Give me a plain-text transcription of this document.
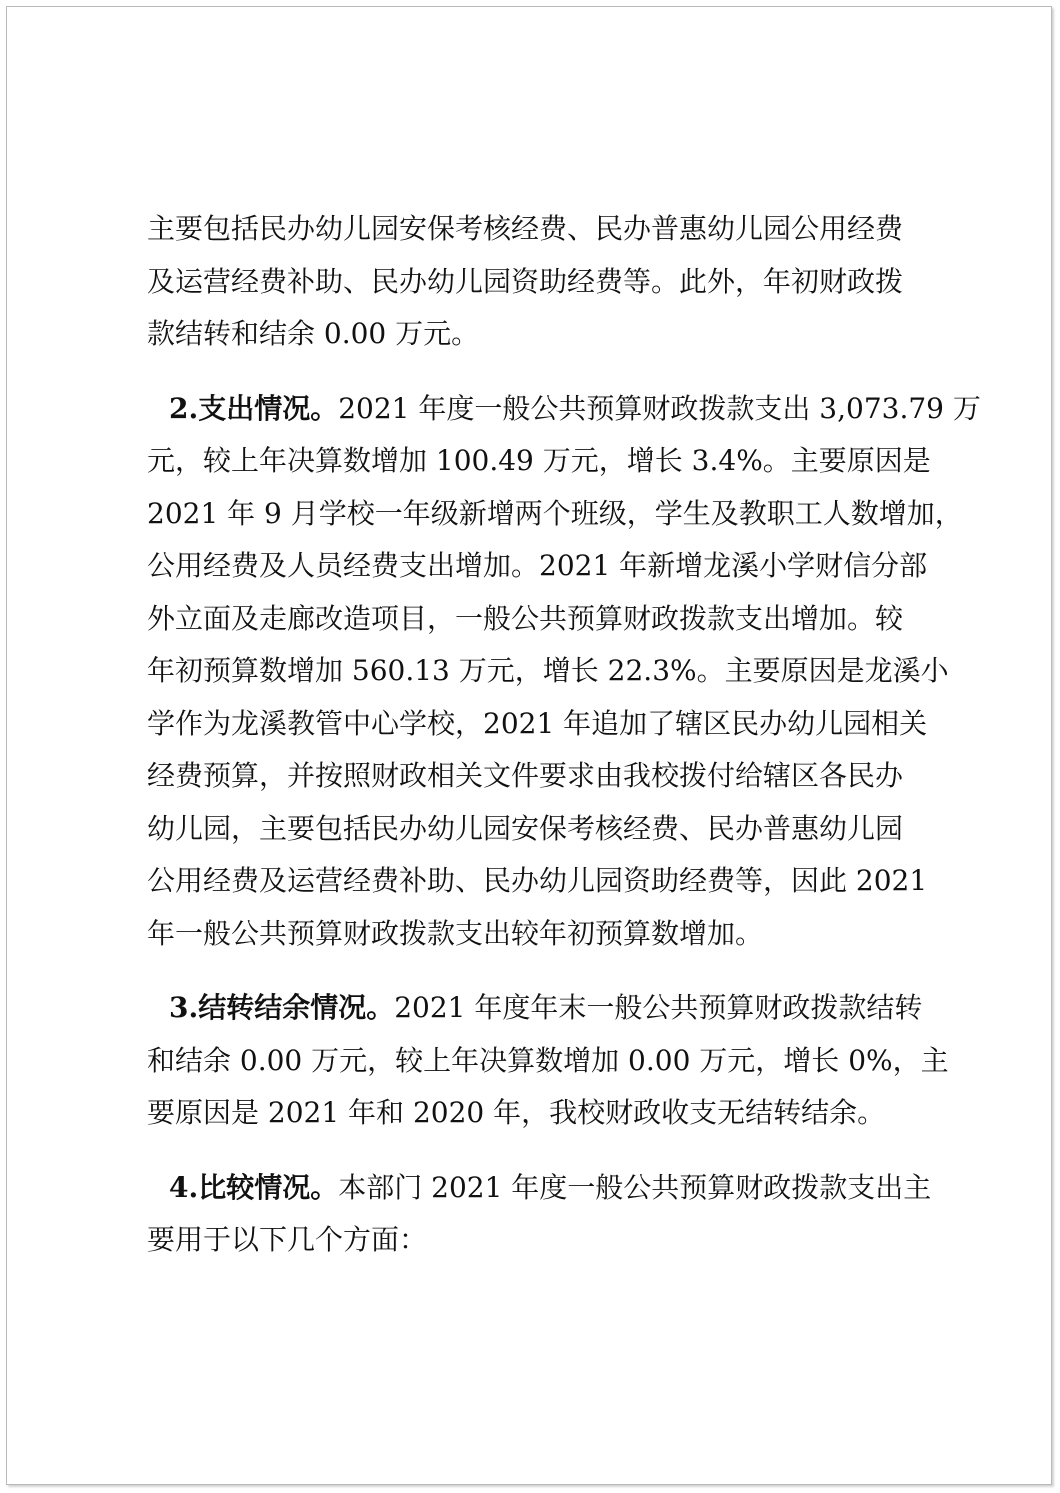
主要包括民办幼儿园安保考核经费、民办普惠幼儿园公用经费
及运营经费补助、民办幼儿园资助经费等。此外，年初财政拨
款结转和结余 0.00 万元。
2.支出情况。2021 年度一般公共预算财政拨款支出 3,073.79 万
元，较上年决算数增加 100.49 万元，增长 3.4%。主要原因是
2021 年 9 月学校一年级新增两个班级，学生及教职工人数增加，
公用经费及人员经费支出增加。2021 年新增龙溪小学财信分部
外立面及走廊改造项目，一般公共预算财政拨款支出增加。较
年初预算数增加 560.13 万元，增长 22.3%。主要原因是龙溪小
学作为龙溪教管中心学校，2021 年追加了辖区民办幼儿园相关
经费预算，并按照财政相关文件要求由我校拨付给辖区各民办
幼儿园，主要包括民办幼儿园安保考核经费、民办普惠幼儿园
公用经费及运营经费补助、民办幼儿园资助经费等，因此 2021
年一般公共预算财政拨款支出较年初预算数增加。
3.结转结余情况。2021 年度年末一般公共预算财政拨款结转
和结余 0.00 万元，较上年决算数增加 0.00 万元，增长 0%，主
要原因是 2021 年和 2020 年，我校财政收支无结转结余。
4.比较情况。本部门 2021 年度一般公共预算财政拨款支出主
要用于以下几个方面：
